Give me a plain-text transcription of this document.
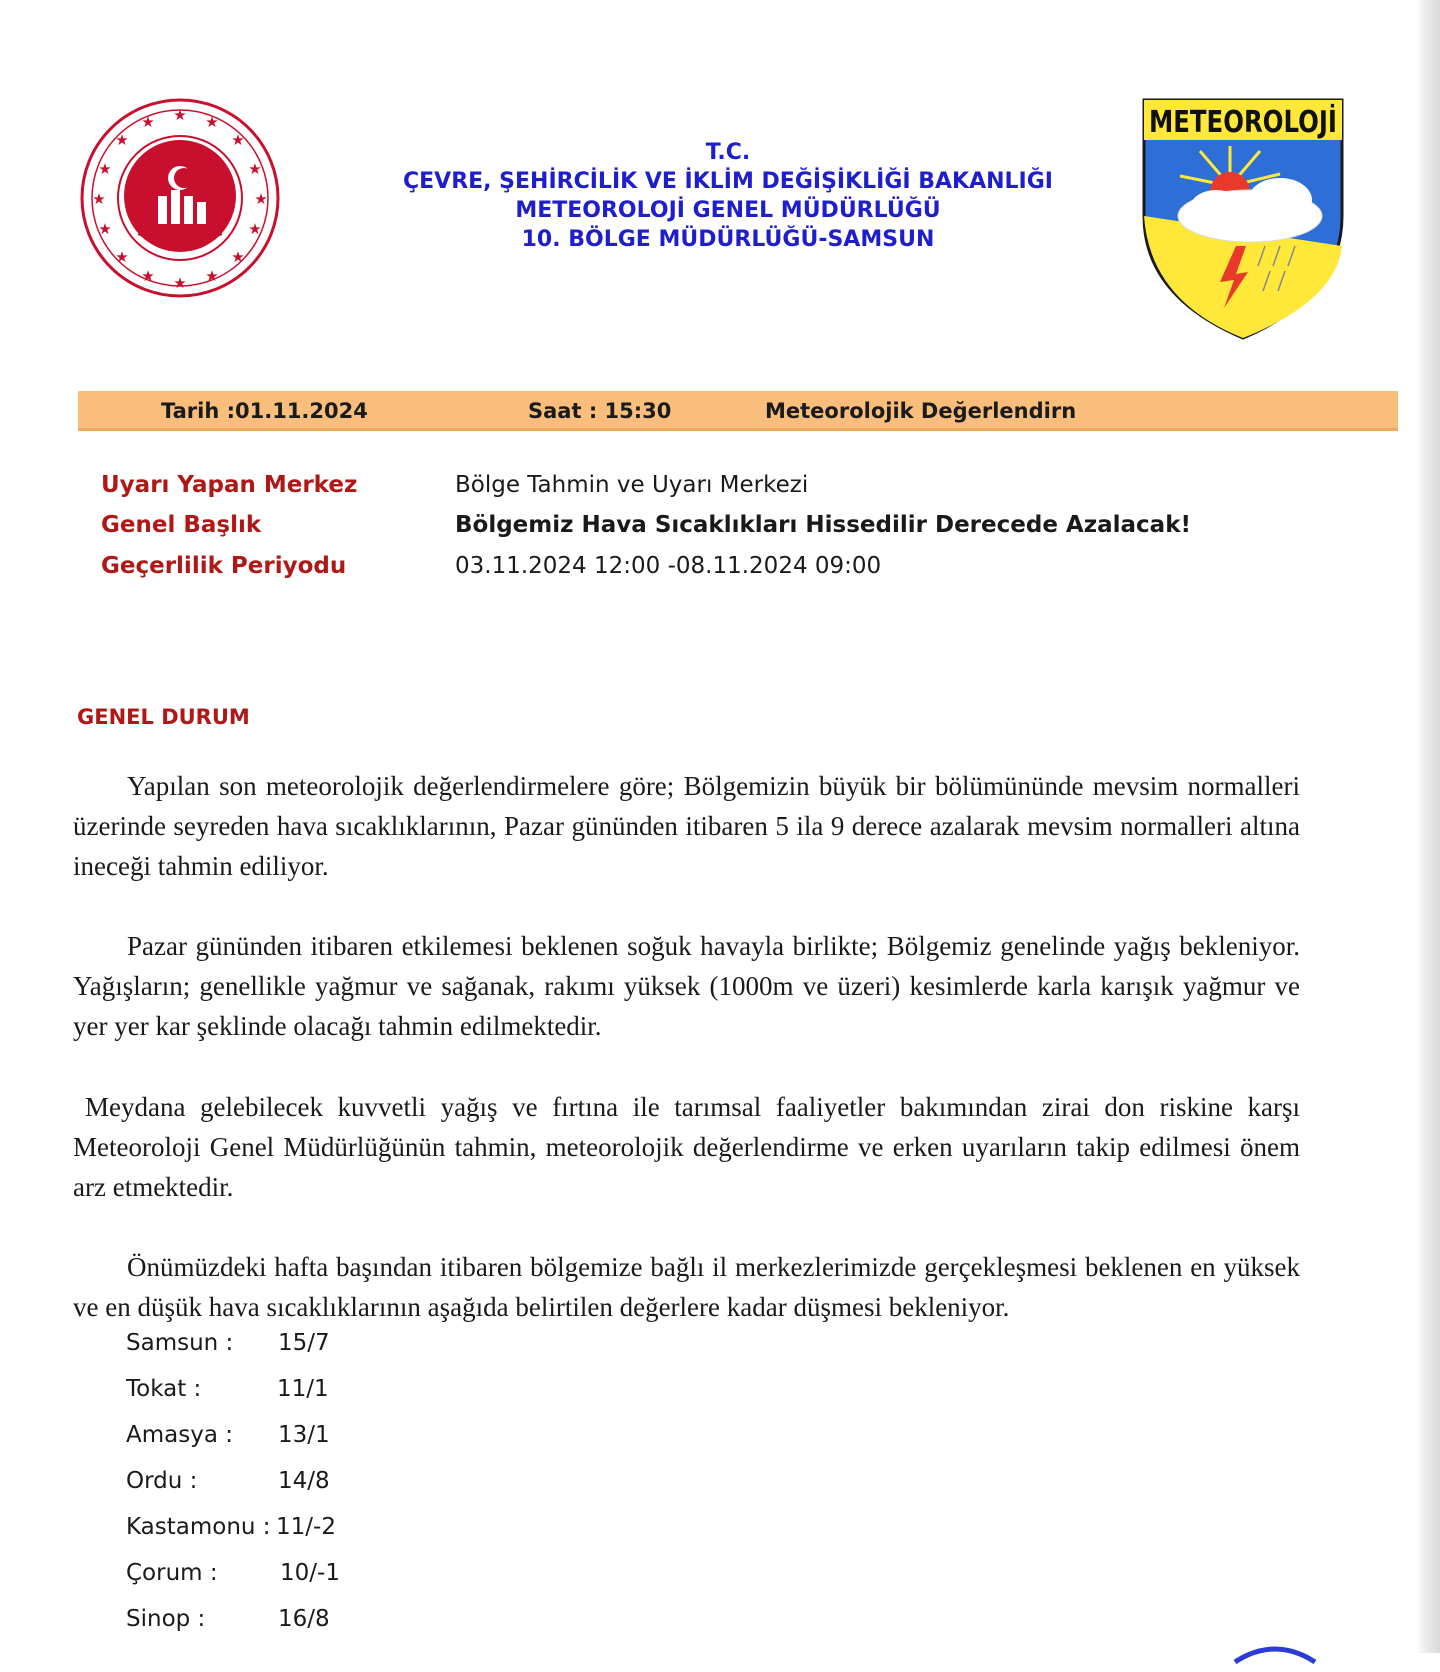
★ ★
★
★
★
★
★
★
★
★
★
★
★
★
★
★
T.C.
ÇEVRE, ŞEHİRCİLİK VE İKLİM DEĞİŞİKLİĞİ BAKANLIĞI
METEOROLOJİ GENEL MÜDÜRLÜĞÜ
10. BÖLGE MÜDÜRLÜĞÜ-SAMSUN
METEOROLOJİ
Tarih :01.11.2024	Saat : 15:30	Meteorolojik Değerlendirn
Uyarı Yapan Merkez	Bölge Tahmin ve Uyarı Merkezi
Genel Başlık	Bölgemiz Hava Sıcaklıkları Hissedilir Derecede Azalacak!
Geçerlilik Periyodu	03.11.2024 12:00 -08.11.2024 09:00
GENEL DURUM

Yapılan son meteorolojik değerlendirmelere göre; Bölgemizin büyük bir bölümününde mevsim normalleri üzerinde seyreden hava sıcaklıklarının, Pazar gününden itibaren 5 ila 9 derece azalarak mevsim normalleri altına ineceği tahmin ediliyor.

Pazar gününden itibaren etkilemesi beklenen soğuk havayla birlikte; Bölgemiz genelinde yağış bekleniyor. Yağışların; genellikle yağmur ve sağanak, rakımı yüksek (1000m ve üzeri) kesimlerde karla karışık yağmur ve yer yer kar şeklinde olacağı tahmin edilmektedir.

Meydana gelebilecek kuvvetli yağış ve fırtına ile tarımsal faaliyetler bakımından zirai don riskine karşı Meteoroloji Genel Müdürlüğünün tahmin, meteorolojik değerlendirme ve erken uyarıların takip edilmesi önem arz etmektedir.

Önümüzdeki hafta başından itibaren bölgemize bağlı il merkezlerimizde gerçekleşmesi beklenen en yüksek ve en düşük hava sıcaklıklarının aşağıda belirtilen değerlere kadar düşmesi bekleniyor.

Samsun : 15/7
Tokat :	11/1
Amasya : 13/1
Ordu :	14/8
Kastamonu : 11/-2
Çorum :	10/-1
Sinop :	16/8
